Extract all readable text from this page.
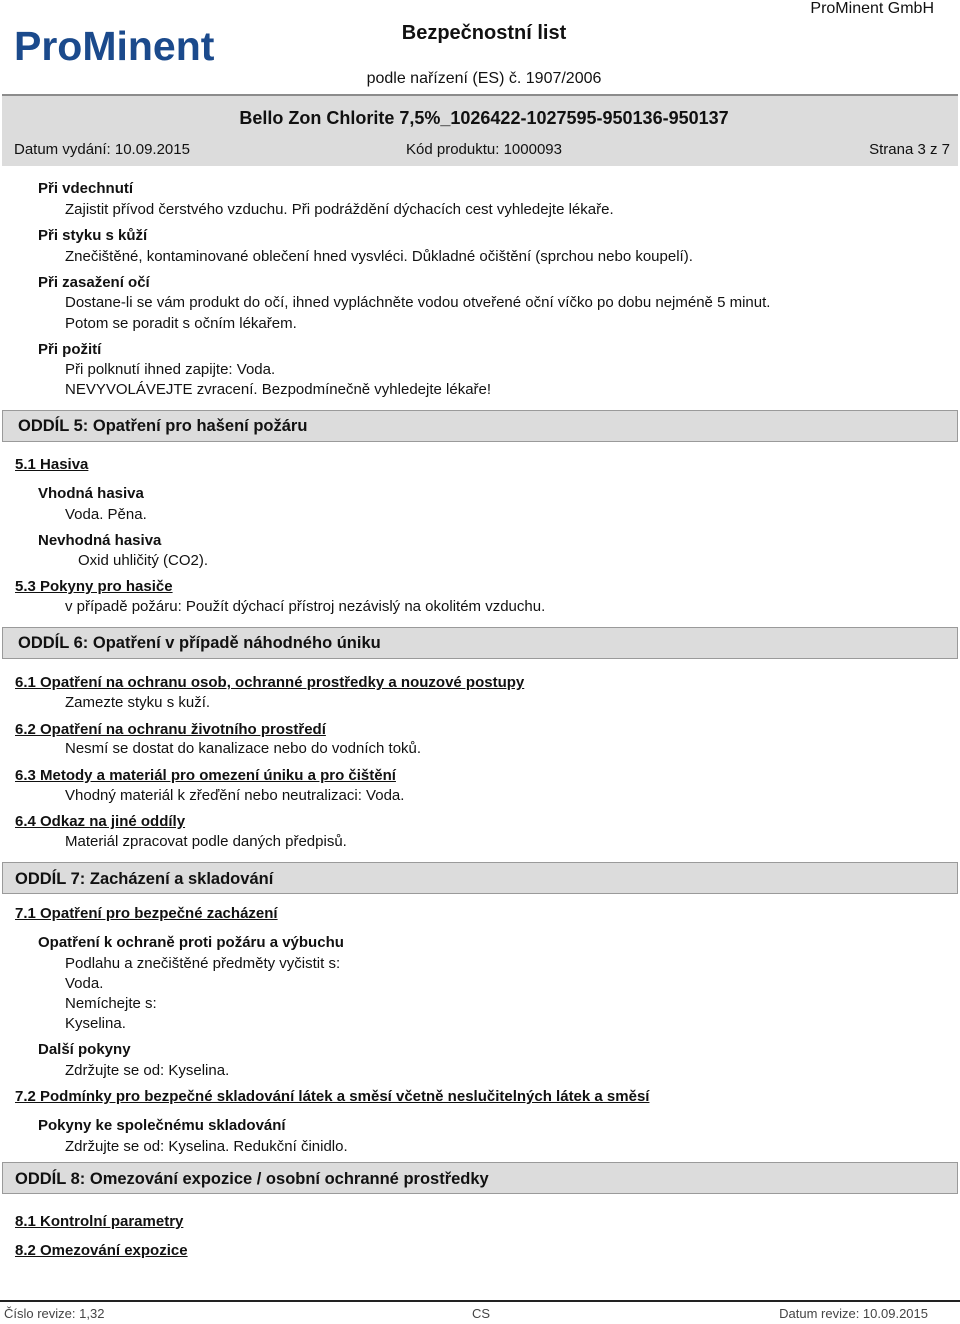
ProMinent	Bezpečnostní list
ProMinent GmbH
podle nařízení (ES) č. 1907/2006
Bello Zon Chlorite 7,5%_1026422-1027595-950136-950137
Datum vydání: 10.09.2015	Kód produktu: 1000093	Strana 3 z 7
Při vdechnutí
Zajistit přívod čerstvého vzduchu. Při podráždění dýchacích cest vyhledejte lékaře.
Při styku s kůží
Znečištěné, kontaminované oblečení hned vysvléci. Důkladné očištění (sprchou nebo koupelí).
Při zasažení očí
Dostane-li se vám produkt do očí, ihned vypláchněte vodou otveřené oční víčko po dobu nejméně 5 minut.
Potom se poradit s očním lékařem.
Při požití
Při polknutí ihned zapijte: Voda.
NEVYVOLÁVEJTE zvracení. Bezpodmínečně vyhledejte lékaře!
ODDÍL 5: Opatření pro hašení požáru
5.1 Hasiva
Vhodná hasiva
Voda. Pěna.
Nevhodná hasiva
Oxid uhličitý (CO2).
5.3 Pokyny pro hasiče
v případě požáru: Použít dýchací přístroj nezávislý na okolitém vzduchu.
ODDÍL 6: Opatření v případě náhodného úniku
6.1 Opatření na ochranu osob, ochranné prostředky a nouzové postupy
Zamezte styku s kuží.
6.2 Opatření na ochranu životního prostředí
Nesmí se dostat do kanalizace nebo do vodních toků.
6.3 Metody a materiál pro omezení úniku a pro čištění
Vhodný materiál k zřeďění nebo neutralizaci: Voda.
6.4 Odkaz na jiné oddíly
Materiál zpracovat podle daných předpisů.
ODDÍL 7: Zacházení a skladování
7.1 Opatření pro bezpečné zacházení
Opatření k ochraně proti požáru a výbuchu
Podlahu a znečištěné předměty vyčistit s:
Voda.
Nemíchejte s:
Kyselina.
Další pokyny
Zdržujte se od: Kyselina.
7.2 Podmínky pro bezpečné skladování látek a směsí včetně neslučitelných látek a směsí
Pokyny ke společnému skladování
Zdržujte se od: Kyselina. Redukční činidlo.
ODDÍL 8: Omezování expozice / osobní ochranné prostředky
8.1 Kontrolní parametry
8.2 Omezování expozice
Číslo revize: 1,32	CS	Datum revize: 10.09.2015
